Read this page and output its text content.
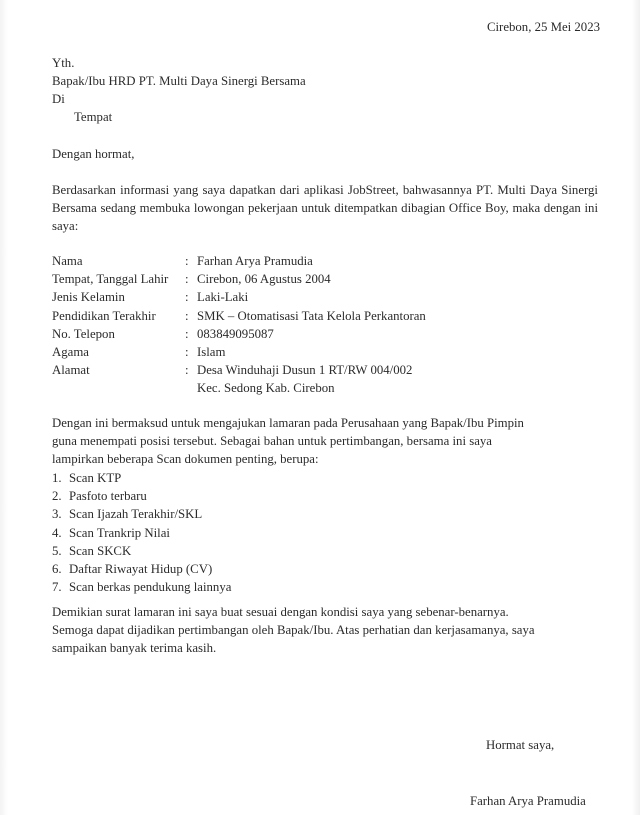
Cirebon, 25 Mei 2023
Yth.
Bapak/Ibu HRD PT. Multi Daya Sinergi Bersama
Di
Tempat
Dengan hormat,
Berdasarkan informasi yang saya dapatkan dari aplikasi JobStreet, bahwasannya PT. Multi Daya Sinergi Bersama sedang membuka lowongan pekerjaan untuk ditempatkan dibagian Office Boy, maka dengan ini saya:
Nama	:	Farhan Arya Pramudia
Tempat, Tanggal Lahir	:	Cirebon, 06 Agustus 2004
Jenis Kelamin	:	Laki-Laki
Pendidikan Terakhir	:	SMK – Otomatisasi Tata Kelola Perkantoran
No. Telepon	:	083849095087
Agama	:	Islam
Alamat	:	Desa Winduhaji Dusun 1 RT/RW 004/002
Kec. Sedong Kab. Cirebon
Dengan ini bermaksud untuk mengajukan lamaran pada Perusahaan yang Bapak/Ibu Pimpin
guna menempati posisi tersebut. Sebagai bahan untuk pertimbangan, bersama ini saya
lampirkan beberapa Scan dokumen penting, berupa:
1. Scan KTP
2. Pasfoto terbaru
3. Scan Ijazah Terakhir/SKL
4. Scan Trankrip Nilai
5. Scan SKCK
6. Daftar Riwayat Hidup (CV)
7. Scan berkas pendukung lainnya
Demikian surat lamaran ini saya buat sesuai dengan kondisi saya yang sebenar-benarnya.
Semoga dapat dijadikan pertimbangan oleh Bapak/Ibu. Atas perhatian dan kerjasamanya, saya
sampaikan banyak terima kasih.
Hormat saya,
Farhan Arya Pramudia
